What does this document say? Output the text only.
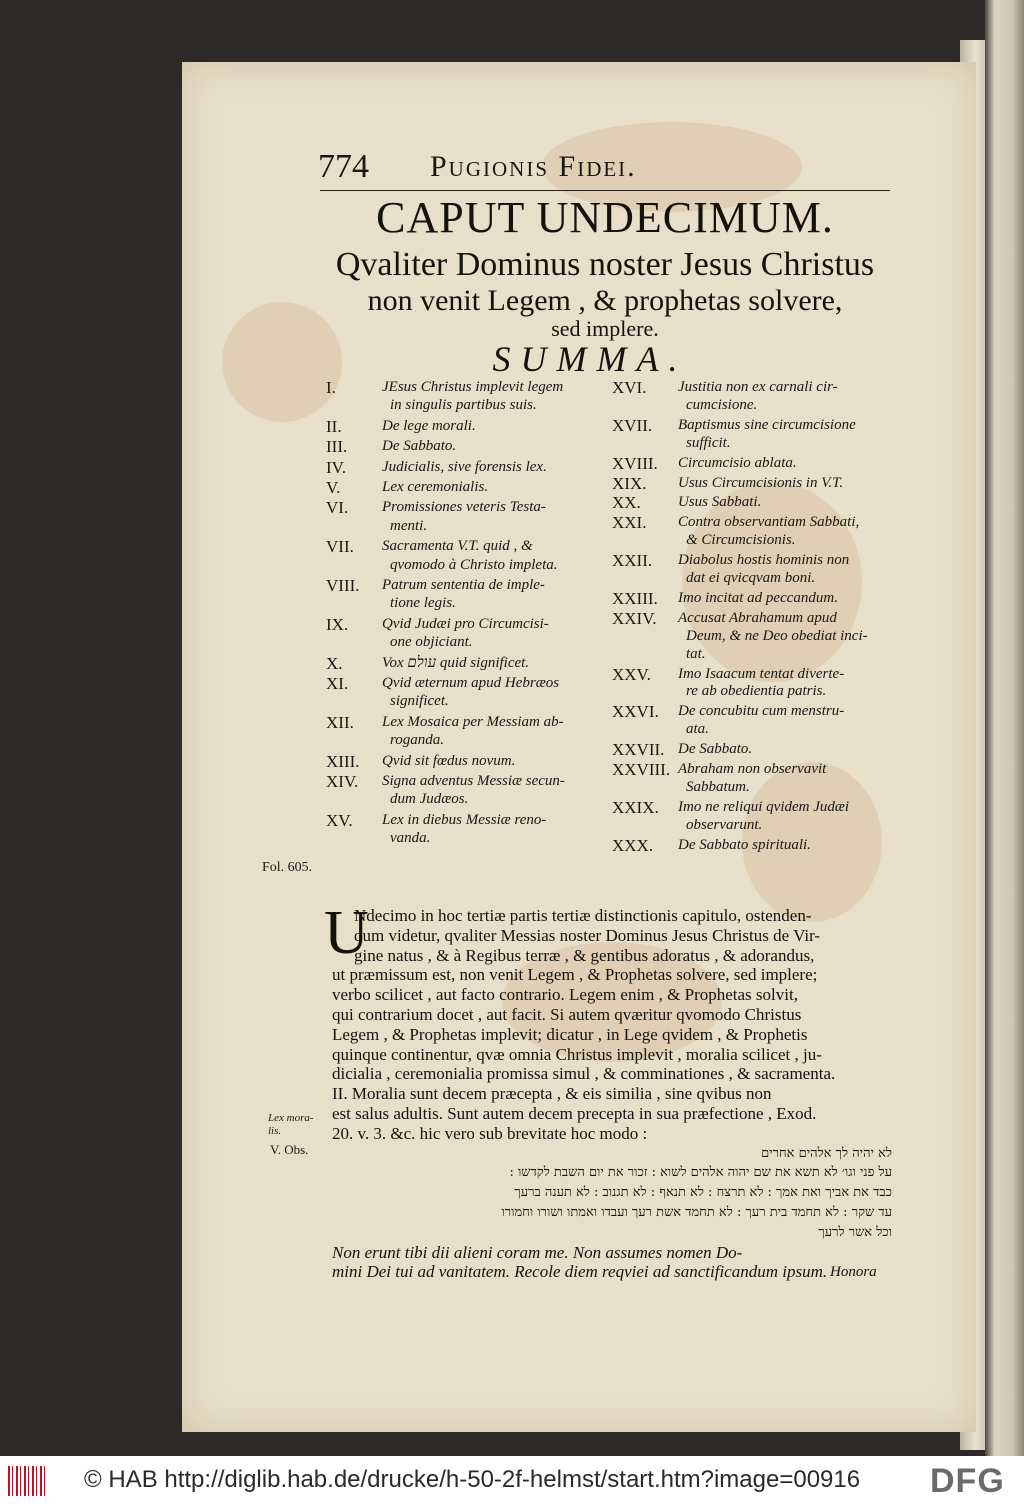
774 Pugionis Fidei.
CAPUT UNDECIMUM.
Qvaliter Dominus noster Jesus Christus
non venit Legem , & prophetas solvere,
sed implere.
SUMMA.
I.	JEsus Christus implevit legem
in singulis partibus suis.
II.	De lege morali.
III. De Sabbato.
IV. Judicialis, sive forensis lex.
V.	Lex ceremonialis.
VI. Promissiones veteris Testa-
menti.
VII. Sacramenta V.T. quid , &
qvomodo à Christo impleta.
VIII. Patrum sententia de imple-
tione legis.
IX. Qvid Judæi pro Circumcisi-
one objiciant.
X.	Vox עולם quid significet.
XI. Qvid æternum apud Hebræos
significet.
XII. Lex Mosaica per Messiam ab-
roganda.
XIII. Qvid sit fœdus novum.
XIV. Signa adventus Messiæ secun-
dum Judæos.
XV. Lex in diebus Messiæ reno-
vanda.
XVI. Justitia non ex carnali cir-
cumcisione.
XVII. Baptismus sine circumcisione
sufficit.
XVIII. Circumcisio ablata.
XIX. Usus Circumcisionis in V.T.
XX. Usus Sabbati.
XXI. Contra observantiam Sabbati,
& Circumcisionis.
XXII. Diabolus hostis hominis non
dat ei qvicqvam boni.
XXIII. Imo incitat ad peccandum.
XXIV. Accusat Abrahamum apud
Deum, & ne Deo obediat inci-
tat.
XXV. Imo Isaacum tentat diverte-
re ab obedientia patris.
XXVI. De concubitu cum menstru-
ata.
XXVII. De Sabbato.
XXVIII. Abraham non observavit
Sabbatum.
XXIX. Imo ne reliqui qvidem Judæi
observarunt.
XXX. De Sabbato spirituali.
Fol. 605.
Lex mora-lis.
V. Obs.
U
Ndecimo in hoc tertiæ partis tertiæ distinctionis capitulo, ostenden-
dum videtur, qvaliter Messias noster Dominus Jesus Christus de Vir-
gine natus , & à Regibus terræ , & gentibus adoratus , & adorandus,
ut præmissum est, non venit Legem , & Prophetas solvere, sed implere;
verbo scilicet , aut facto contrario. Legem enim , & Prophetas solvit,
qui contrarium docet , aut facit. Si autem qværitur qvomodo Christus
Legem , & Prophetas implevit; dicatur , in Lege qvidem , & Prophetis
quinque continentur, qvæ omnia Christus implevit , moralia scilicet , ju-
dicialia , ceremonialia promissa simul , & comminationes , & sacramenta.
II. Moralia sunt decem præcepta , & eis similia , sine qvibus non
est salus adultis. Sunt autem decem precepta in sua præfectione , Exod.
20. v. 3. &c. hic vero sub brevitate hoc modo :
לא יהיה לך אלהים אחרים
על פני וגו׳ לא תשא את שם יהוה אלהים לשוא : זכור את יום השבת לקדשו :
כבד את אביך ואת אמך : לא תרצח : לא תנאף : לא תגנוב : לא תענה ברעך
עד שקר : לא תחמד בית רעך : לא תחמד אשת רעך ועבדו ואמתו ושורו וחמורו
וכל אשר לרעך
Non erunt tibi dii alieni coram me. Non assumes nomen Do-
mini Dei tui ad vanitatem. Recole diem reqviei ad sanctificandum ipsum. Honora
© HAB http://diglib.hab.de/drucke/h-50-2f-helmst/start.htm?image=00916 DFG
